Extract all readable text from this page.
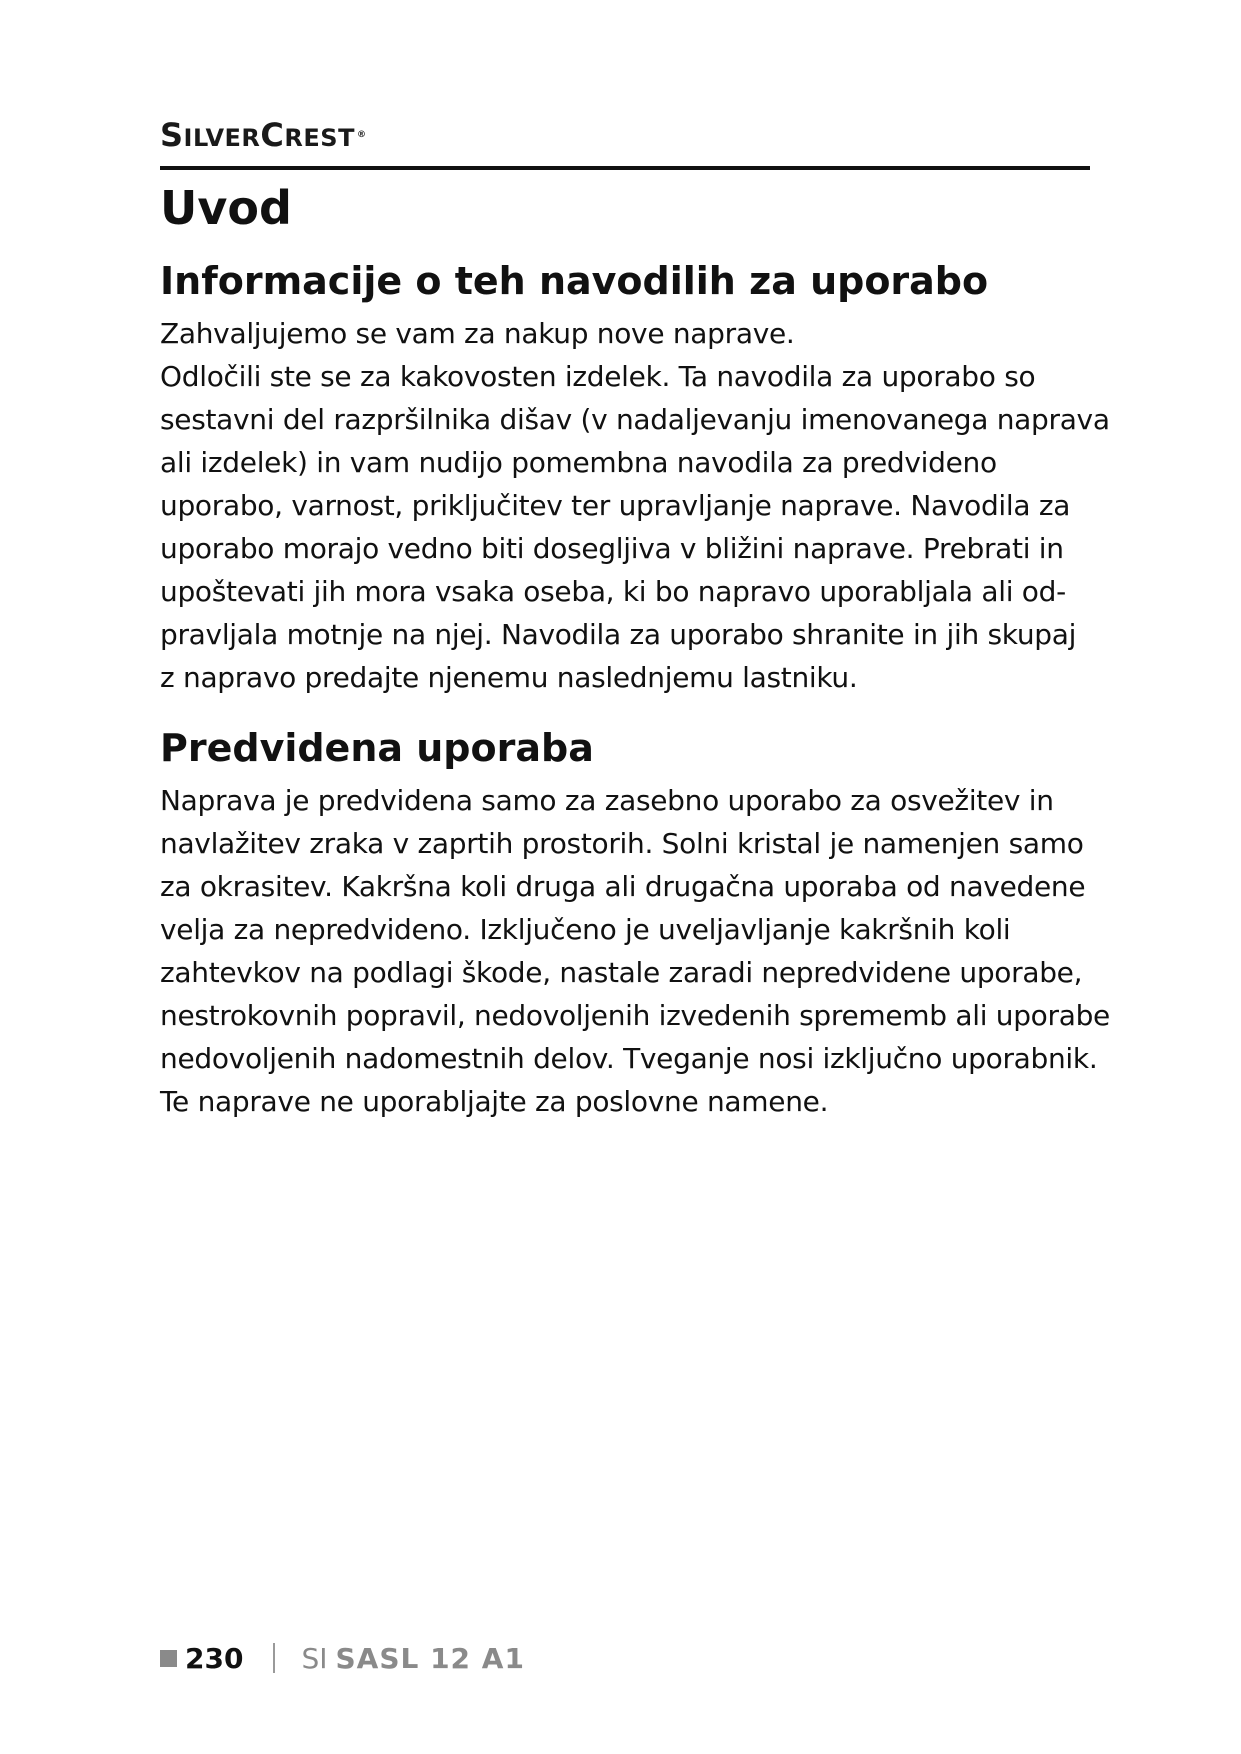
SILVERCREST ®
Uvod
Informacije o teh navodilih za uporabo

Zahvaljujemo se vam za nakup nove naprave.

Odločili ste se za kakovosten izdelek. Ta navodila za uporabo so

sestavni del razpršilnika dišav (v nadaljevanju imenovanega naprava

ali izdelek) in vam nudijo pomembna navodila za predvideno

uporabo, varnost, priključitev ter upravljanje naprave. Navodila za

uporabo morajo vedno biti dosegljiva v bližini naprave. Prebrati in

upoštevati jih mora vsaka oseba, ki bo napravo uporabljala ali od-

pravljala motnje na njej. Navodila za uporabo shranite in jih skupaj

z napravo predajte njenemu naslednjemu lastniku.

Predvidena uporaba

Naprava je predvidena samo za zasebno uporabo za osvežitev in

navlažitev zraka v zaprtih prostorih. Solni kristal je namenjen samo

za okrasitev. Kakršna koli druga ali drugačna uporaba od navedene

velja za nepredvideno. Izključeno je uveljavljanje kakršnih koli

zahtevkov na podlagi škode, nastale zaradi nepredvidene uporabe,

nestrokovnih popravil, nedovoljenih izvedenih sprememb ali uporabe

nedovoljenih nadomestnih delov. Tveganje nosi izključno uporabnik.

Te naprave ne uporabljajte za poslovne namene.

230 SI SASL 12 A1
